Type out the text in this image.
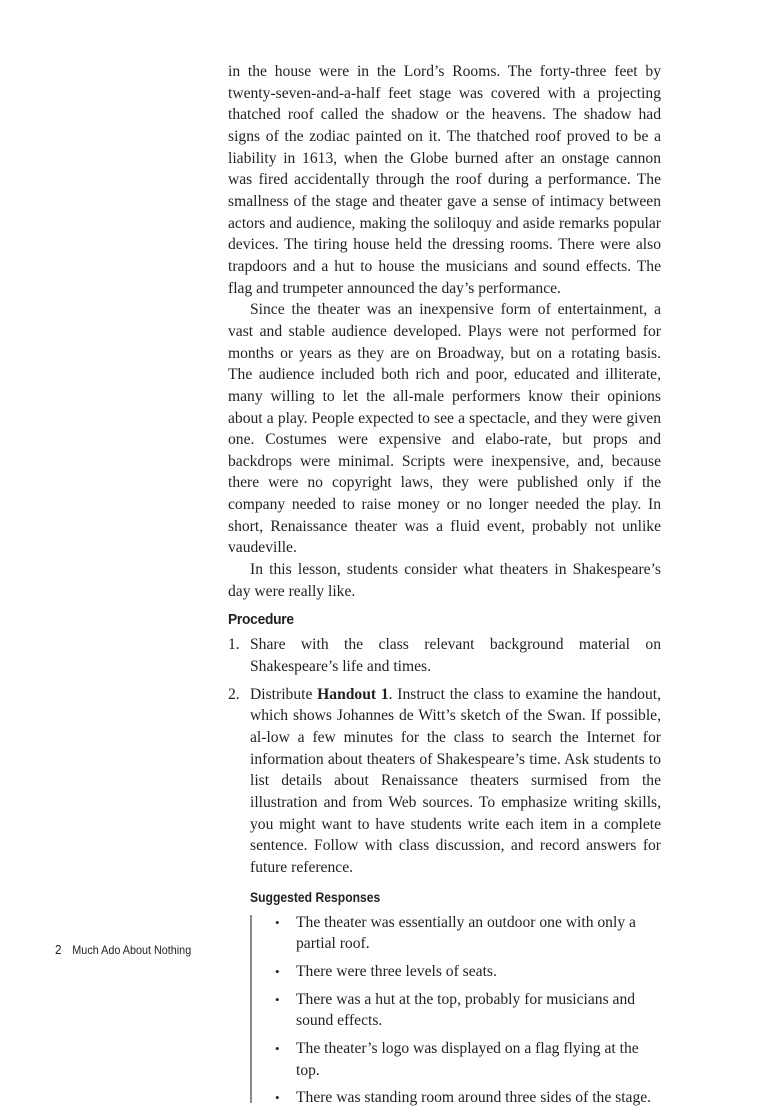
in the house were in the Lord’s Rooms. The forty-three feet by twenty-seven-and-a-half feet stage was covered with a projecting thatched roof called the shadow or the heavens. The shadow had signs of the zodiac painted on it. The thatched roof proved to be a liability in 1613, when the Globe burned after an onstage cannon was fired accidentally through the roof during a performance. The smallness of the stage and theater gave a sense of intimacy between actors and audience, making the soliloquy and aside remarks popular devices. The tiring house held the dressing rooms. There were also trapdoors and a hut to house the musicians and sound effects. The flag and trumpeter announced the day’s performance.

Since the theater was an inexpensive form of entertainment, a vast and stable audience developed. Plays were not performed for months or years as they are on Broadway, but on a rotating basis. The audience included both rich and poor, educated and illiterate, many willing to let the all-male performers know their opinions about a play. People expected to see a spectacle, and they were given one. Costumes were expensive and elabo-rate, but props and backdrops were minimal. Scripts were inexpensive, and, because there were no copyright laws, they were published only if the company needed to raise money or no longer needed the play. In short, Renaissance theater was a fluid event, probably not unlike vaudeville.

In this lesson, students consider what theaters in Shakespeare’s day were really like.

Procedure
1. Share with the class relevant background material on Shakespeare’s life and times.
2. Distribute Handout 1. Instruct the class to examine the handout, which shows Johannes de Witt’s sketch of the Swan. If possible, al-low a few minutes for the class to search the Internet for information about theaters of Shakespeare’s time. Ask students to list details about Renaissance theaters surmised from the illustration and from Web sources. To emphasize writing skills, you might want to have students write each item in a complete sentence. Follow with class discussion, and record answers for future reference.
Suggested Responses
• The theater was essentially an outdoor one with only a partial roof.
• There were three levels of seats.
• There was a hut at the top, probably for musicians and sound effects.
• The theater’s logo was displayed on a flag flying at the top.
• There was standing room around three sides of the stage.
2 Much Ado About Nothing
